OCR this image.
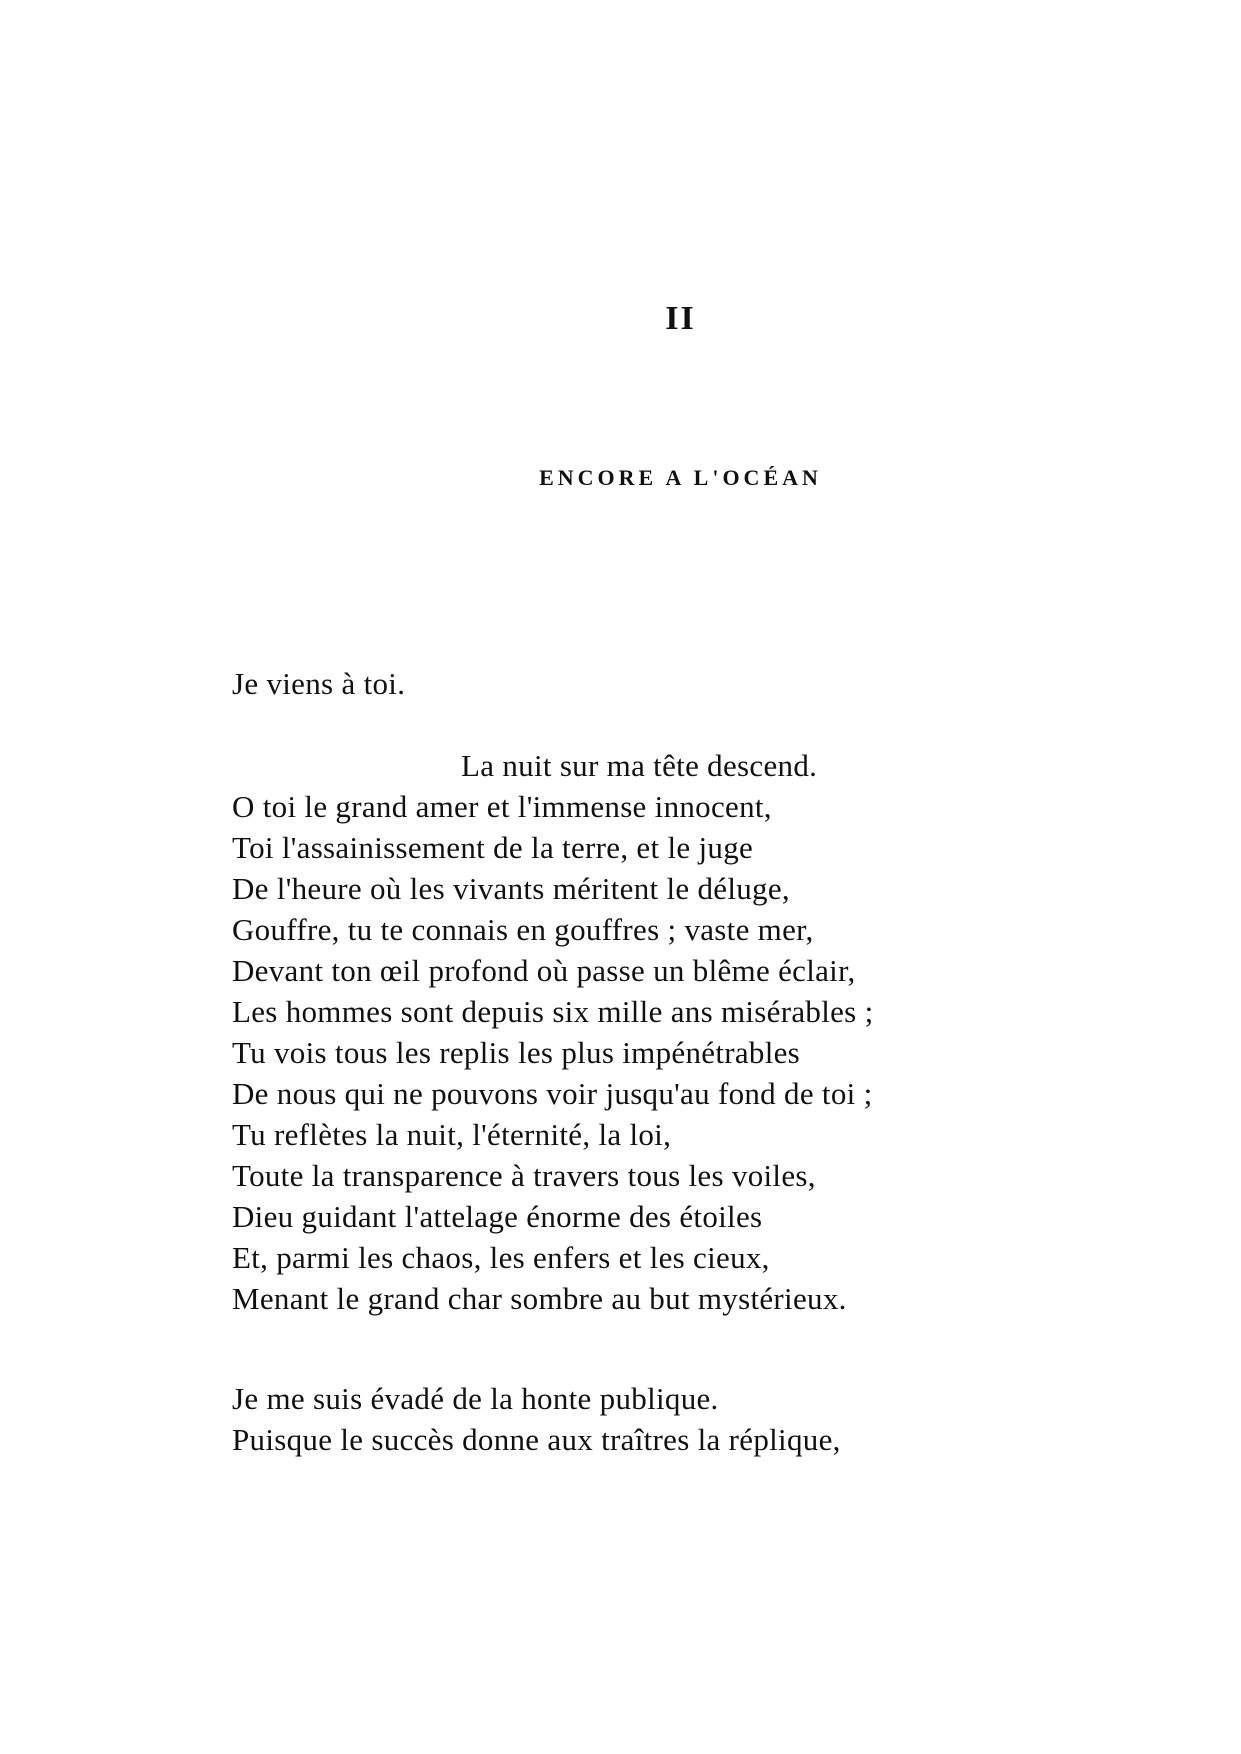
II
ENCORE A L'OCÉAN
Je viens à toi.
La nuit sur ma tête descend.
O toi le grand amer et l'immense innocent,
Toi l'assainissement de la terre, et le juge
De l'heure où les vivants méritent le déluge,
Gouffre, tu te connais en gouffres ; vaste mer,
Devant ton œil profond où passe un blême éclair,
Les hommes sont depuis six mille ans misérables ;
Tu vois tous les replis les plus impénétrables
De nous qui ne pouvons voir jusqu'au fond de toi ;
Tu reflètes la nuit, l'éternité, la loi,
Toute la transparence à travers tous les voiles,
Dieu guidant l'attelage énorme des étoiles
Et, parmi les chaos, les enfers et les cieux,
Menant le grand char sombre au but mystérieux.
Je me suis évadé de la honte publique.
Puisque le succès donne aux traîtres la réplique,
